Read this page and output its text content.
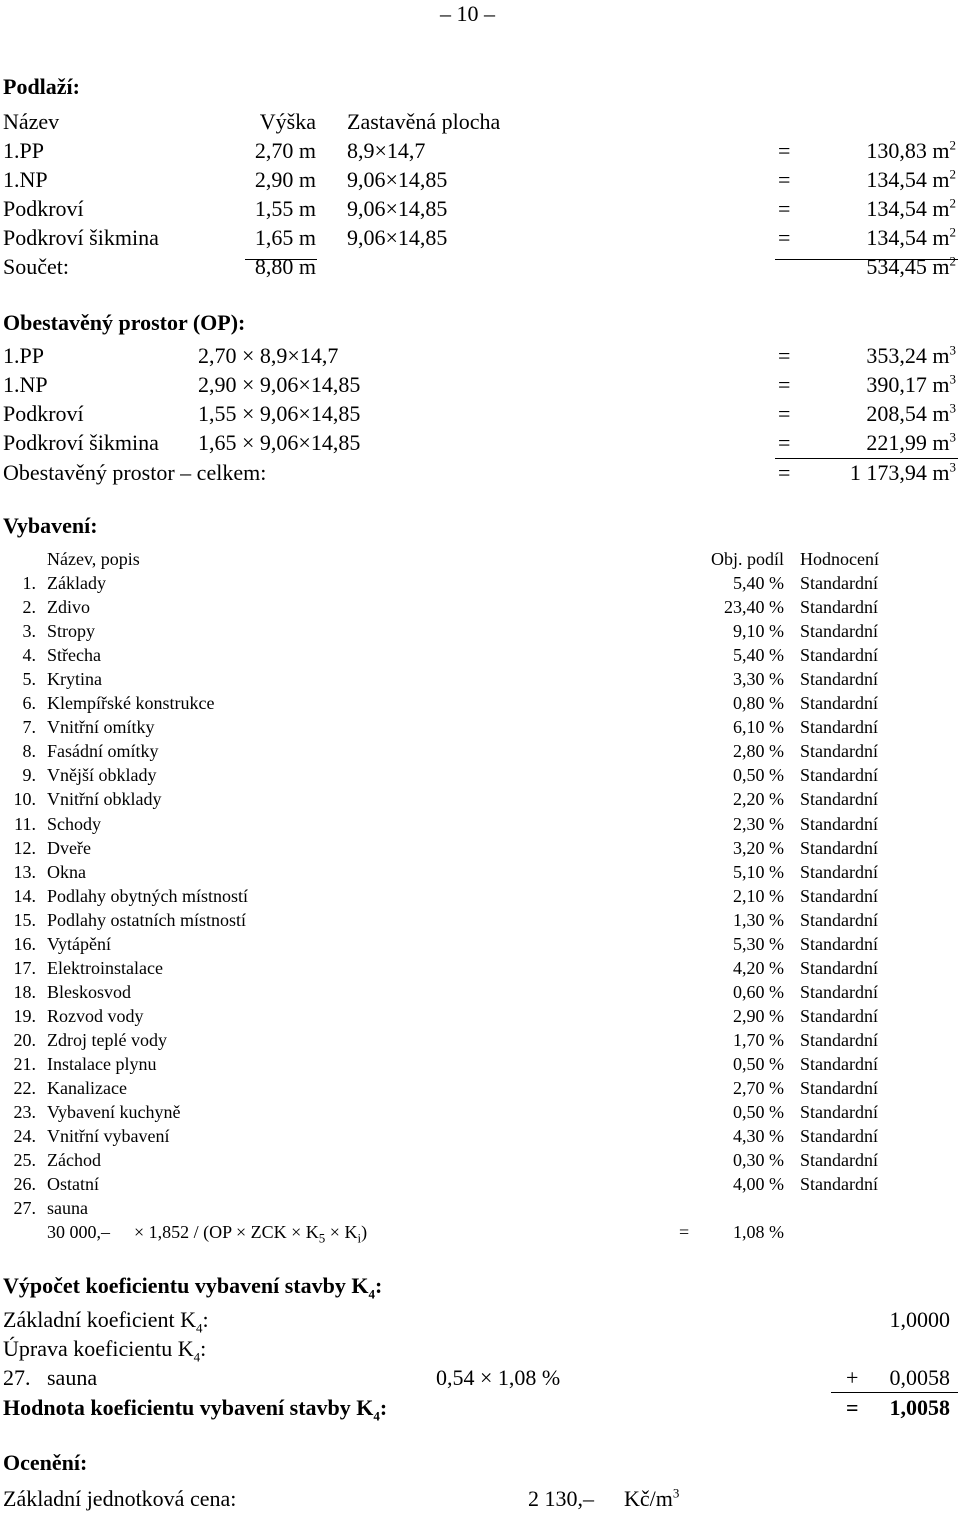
– 10 –
Podlaží:
Název	Výška Zastavěná plocha
1.PP	2,70 m 8,9×14,7	=	130,83 $m^2$
1.NP	2,90 m 9,06×14,85	=	134,54 $m^2$
Podkroví	1,55 m 9,06×14,85	=	134,54 $m^2$
Podkroví šikmina	1,65 m 9,06×14,85	=	134,54 $m^2$
Součet:	8,80 m	534,45 $m^2$
Obestavěný prostor (OP):
1.PP	2,70 × 8,9×14,7	=	353,24 $m^3$
1.NP	2,90 × 9,06×14,85	=	390,17 $m^3$
Podkroví	1,55 × 9,06×14,85	=	208,54 $m^3$
Podkroví šikmina 1,65 × 9,06×14,85	=	221,99 $m^3$
Obestavěný prostor – celkem:	=	1 173,94 $m^3$
Vybavení:
Název, popis	Obj. podíl Hodnocení
1. Základy	5,40 % Standardní
2. Zdivo	23,40 % Standardní
3. Stropy	9,10 % Standardní
4. Střecha	5,40 % Standardní
5. Krytina	3,30 % Standardní
6. Klempířské konstrukce	0,80 % Standardní
7. Vnitřní omítky	6,10 % Standardní
8. Fasádní omítky	2,80 % Standardní
9. Vnější obklady	0,50 % Standardní
10. Vnitřní obklady	2,20 % Standardní
11. Schody	2,30 % Standardní
12. Dveře	3,20 % Standardní
13. Okna	5,10 % Standardní
14. Podlahy obytných místností	2,10 % Standardní
15. Podlahy ostatních místností	1,30 % Standardní
16. Vytápění	5,30 % Standardní
17. Elektroinstalace	4,20 % Standardní
18. Bleskosvod	0,60 % Standardní
19. Rozvod vody	2,90 % Standardní
20. Zdroj teplé vody	1,70 % Standardní
21. Instalace plynu	0,50 % Standardní
22. Kanalizace	2,70 % Standardní
23. Vybavení kuchyně	0,50 % Standardní
24. Vnitřní vybavení	4,30 % Standardní
25. Záchod	0,30 % Standardní
26. Ostatní	4,00 % Standardní
27. sauna
30 000,– × 1,852 / (OP × ZCK × $K_5 \times K_i$)	=	1,08 %
Výpočet koeficientu vybavení stavby $K_4$:
Základní koeficient $K_4$:	1,0000
Úprava koeficientu $K_4$:
27. sauna	0,54 × 1,08 %	+	0,0058
Hodnota koeficientu vybavení stavby $K_4$:	=	1,0058
Ocenění:
Základní jednotková cena:	2 130,– $Kč/m^3$
